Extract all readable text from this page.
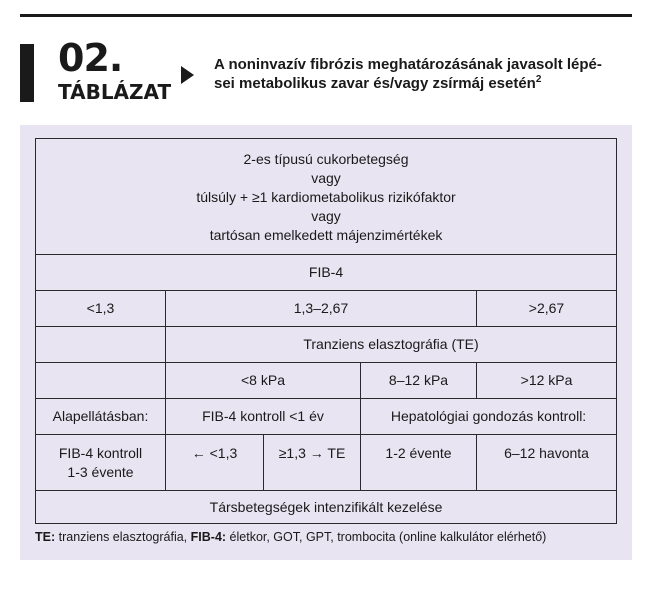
02.
TÁBLÁZAT
A noninvazív fibrózis meghatározásának javasolt lépé-
sei metabolikus zavar és/vagy zsírmáj esetén$^2$
2-es típusú cukorbetegség
vagy
túlsúly + ≥1 kardiometabolikus rizikófaktor
vagy
tartósan emelkedett májenzimértékek				

FIB-4				
<1,3	1,3–2,67			>2,67
	Tranziens elasztográfia (TE)			
	<8 kPa		8–12 kPa	>12 kPa
Alapellátásban:	FIB-4 kontroll <1 év		Hepatológiai gondozás kontroll:	

FIB-4 kontroll
1-3 évente	← <1,3	≥1,3 → TE	1-2 évente	6–12 havonta
Társbetegségek intenzifikált kezelése				
TE: tranziens elasztográfia, FIB-4: életkor, GOT, GPT, trombocita (online kalkulátor elérhető)
